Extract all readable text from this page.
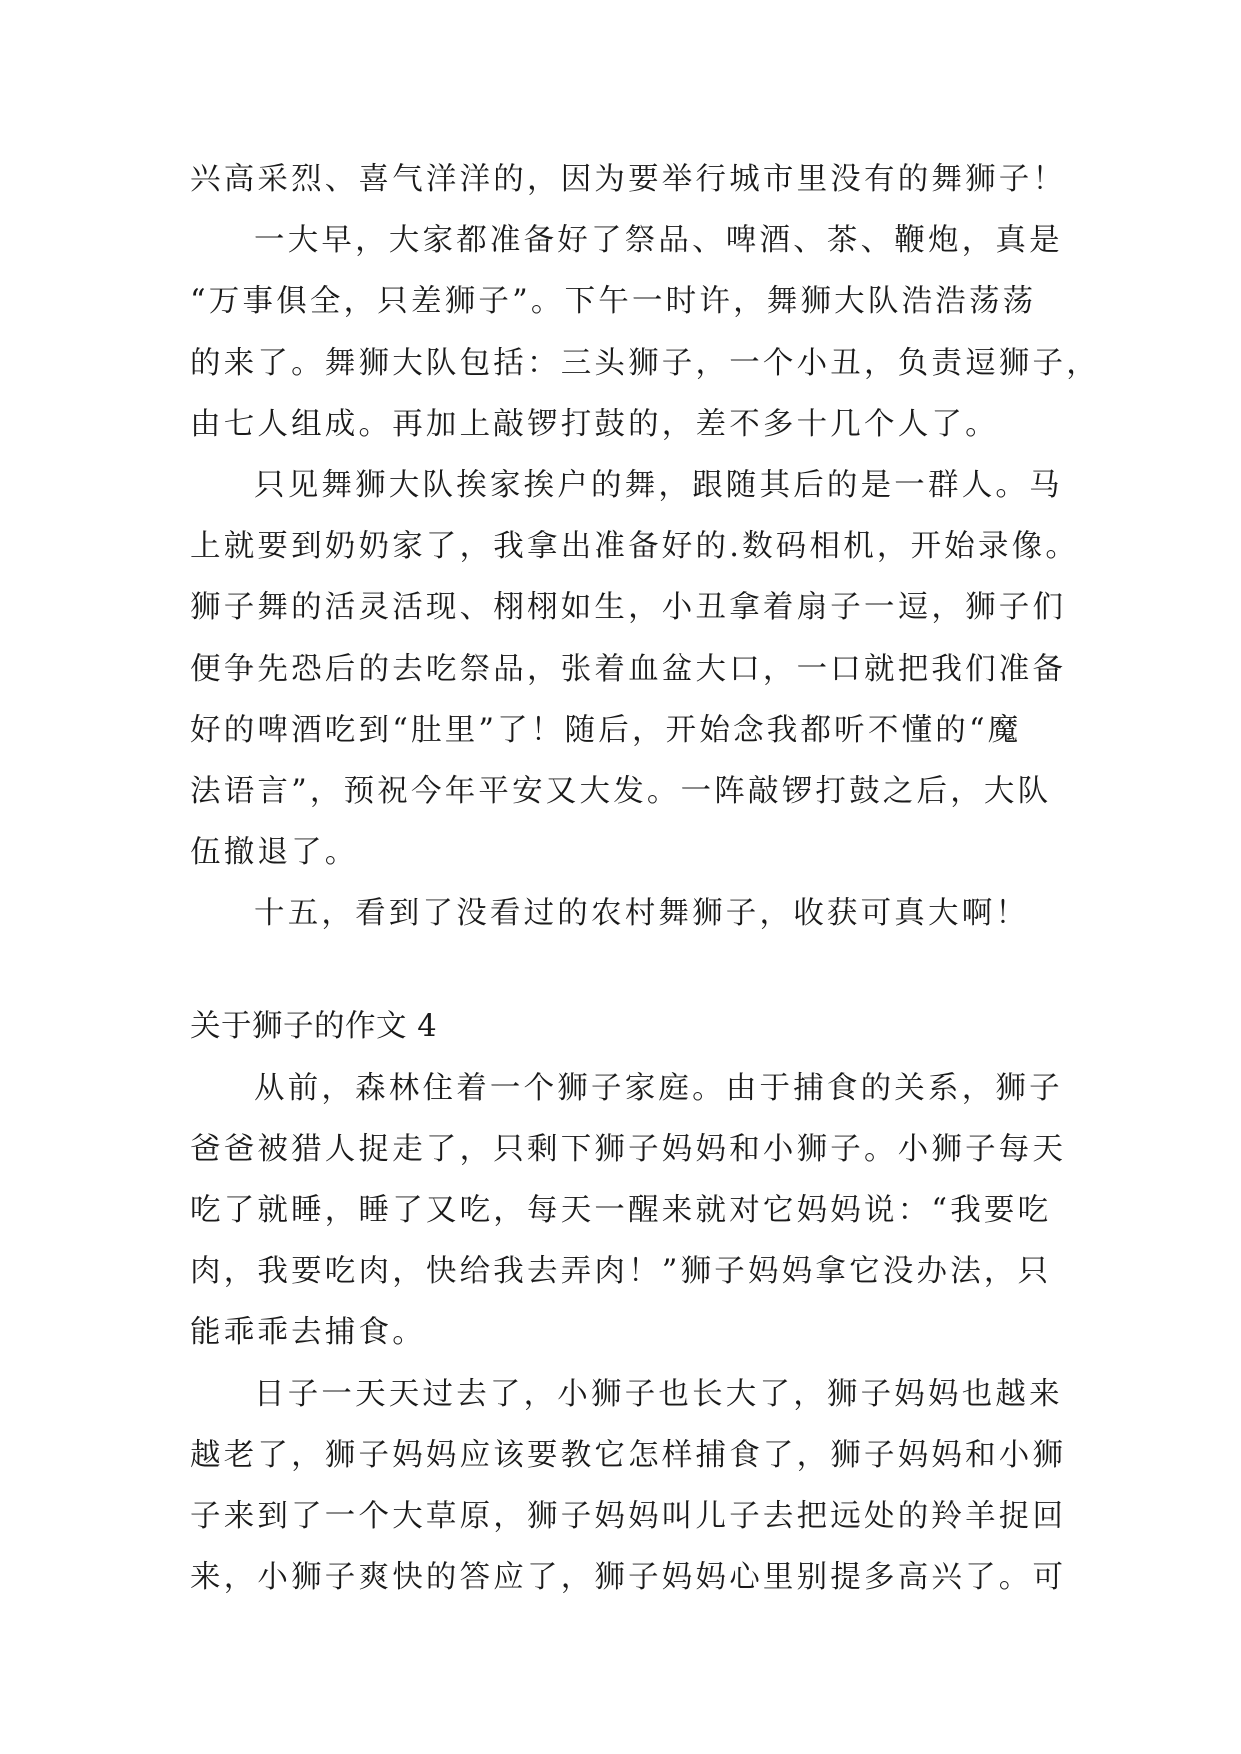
兴高采烈、喜气洋洋的，因为要举行城市里没有的舞狮子！
一大早，大家都准备好了祭品、啤酒、茶、鞭炮，真是
“万事俱全，只差狮子”。下午一时许，舞狮大队浩浩荡荡
的来了。舞狮大队包括：三头狮子，一个小丑，负责逗狮子，
由七人组成。再加上敲锣打鼓的，差不多十几个人了。
只见舞狮大队挨家挨户的舞，跟随其后的是一群人。马
上就要到奶奶家了，我拿出准备好的.数码相机，开始录像。
狮子舞的活灵活现、栩栩如生，小丑拿着扇子一逗，狮子们
便争先恐后的去吃祭品，张着血盆大口，一口就把我们准备
好的啤酒吃到“肚里”了！随后，开始念我都听不懂的“魔
法语言”，预祝今年平安又大发。一阵敲锣打鼓之后，大队
伍撤退了。
十五，看到了没看过的农村舞狮子，收获可真大啊！
关于狮子的作文 4
从前，森林住着一个狮子家庭。由于捕食的关系，狮子
爸爸被猎人捉走了，只剩下狮子妈妈和小狮子。小狮子每天
吃了就睡，睡了又吃，每天一醒来就对它妈妈说：“我要吃
肉，我要吃肉，快给我去弄肉！”狮子妈妈拿它没办法，只
能乖乖去捕食。
日子一天天过去了，小狮子也长大了，狮子妈妈也越来
越老了，狮子妈妈应该要教它怎样捕食了，狮子妈妈和小狮
子来到了一个大草原，狮子妈妈叫儿子去把远处的羚羊捉回
来，小狮子爽快的答应了，狮子妈妈心里别提多高兴了。可
